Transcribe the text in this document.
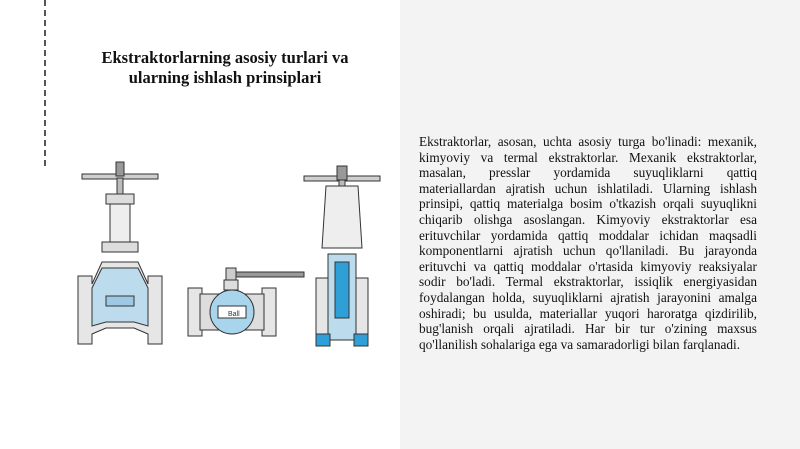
Ekstraktorlarning asosiy turlari va ularning ishlash prinsiplari
Ball

Ekstraktorlar, asosan, uchta asosiy turga bo'linadi: mexanik, kimyoviy va termal ekstraktorlar. Mexanik ekstraktorlar, masalan, presslar yordamida suyuqliklarni qattiq materiallardan ajratish uchun ishlatiladi. Ularning ishlash prinsipi, qattiq materialga bosim o'tkazish orqali suyuqlikni chiqarib olishga asoslangan. Kimyoviy ekstraktorlar esa erituvchilar yordamida qattiq moddalar ichidan maqsadli komponentlarni ajratish uchun qo'llaniladi. Bu jarayonda erituvchi va qattiq moddalar o'rtasida kimyoviy reaksiyalar sodir bo'ladi. Termal ekstraktorlar, issiqlik energiyasidan foydalangan holda, suyuqliklarni ajratish jarayonini amalga oshiradi; bu usulda, materiallar yuqori haroratga qizdirilib, bug'lanish orqali ajratiladi. Har bir tur o'zining maxsus qo'llanilish sohalariga ega va samaradorligi bilan farqlanadi.
